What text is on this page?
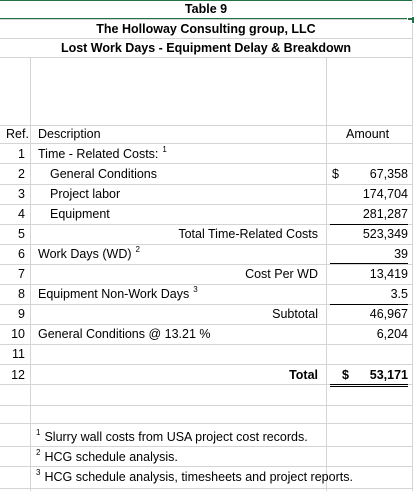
Table 9
The Holloway Consulting group, LLC
Lost Work Days - Equipment Delay & Breakdown
Ref. Description	Amount
1 Time - Related Costs: $^1$
2 General Conditions	$	67,358
3 Project labor	174,704
4 Equipment	281,287
5	Total Time-Related Costs	523,349
6 Work Days (WD) $^2$	39
7	Cost Per WD	13,419
8 Equipment Non-Work Days $^3$	3.5
9	Subtotal	46,967
10 General Conditions @ 13.21 %	6,204
11
12	Total $	53,171
$^1$ Slurry wall costs from USA project cost records.
$^2$ HCG schedule analysis.
$^3$ HCG schedule analysis, timesheets and project reports.
